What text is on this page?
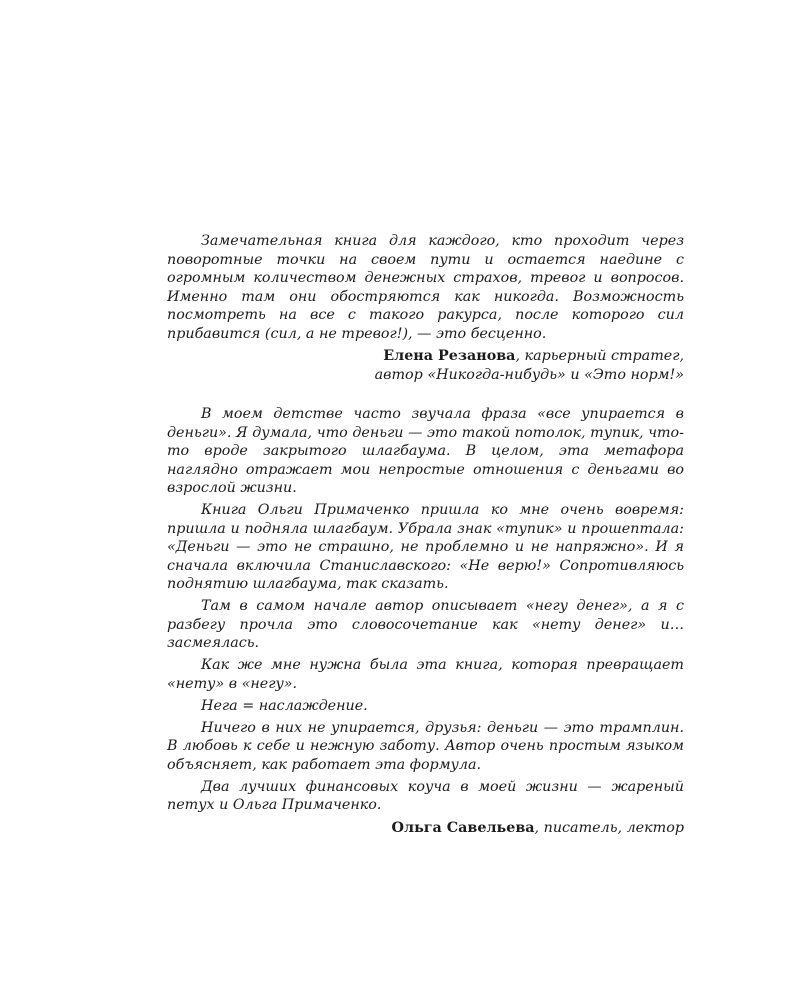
Замечательная книга для каждого, кто проходит через поворотные точки на своем пути и остается наедине с огромным количеством денежных страхов, тревог и вопросов. Именно там они обостряются как никогда. Возможность посмотреть на все с такого ракурса, после которого сил прибавится (сил, а не тревог!), — это бесценно.

Елена Резанова, карьерный стратег,
автор «Никогда-нибудь» и «Это норм!»

В моем детстве часто звучала фраза «все упирается в деньги». Я думала, что деньги — это такой потолок, тупик, что-то вроде закрытого шлагбаума. В целом, эта метафора наглядно отражает мои непростые отношения с деньгами во взрослой жизни.

Книга Ольги Примаченко пришла ко мне очень вовремя: пришла и подняла шлагбаум. Убрала знак «тупик» и прошептала: «Деньги — это не страшно, не проблемно и не напряжно». И я сначала включила Станиславского: «Не верю!» Сопротивляюсь поднятию шлагбаума, так сказать.

Там в самом начале автор описывает «негу денег», а я с разбегу прочла это словосочетание как «нету денег» и… засмеялась.

Как же мне нужна была эта книга, которая превращает «нету» в «негу».

Нега = наслаждение.

Ничего в них не упирается, друзья: деньги — это трамплин. В любовь к себе и нежную заботу. Автор очень простым языком объясняет, как работает эта формула.

Два лучших финансовых коуча в моей жизни — жареный петух и Ольга Примаченко.

Ольга Савельева, писатель, лектор
